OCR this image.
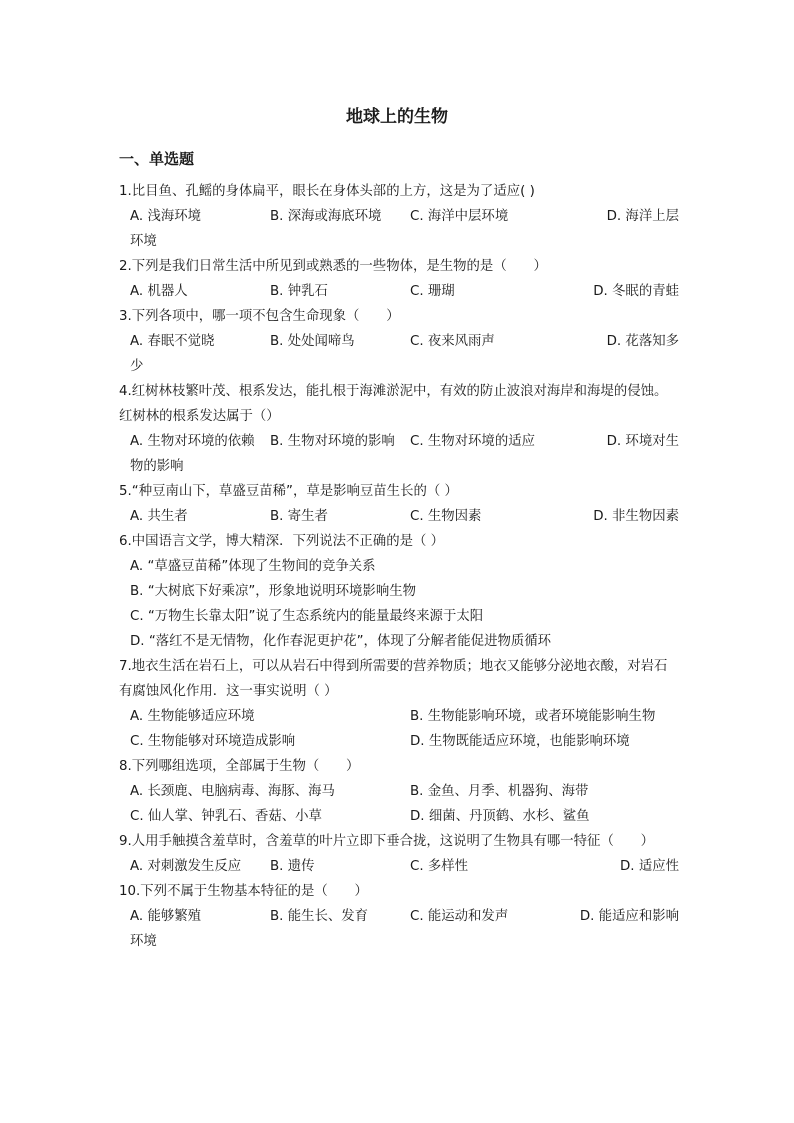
地球上的生物
一、单选题
1.比目鱼、孔鳐的身体扁平，眼长在身体头部的上方，这是为了适应( )
A. 浅海环境	B. 深海或海底环境	C. 海洋中层环境	D. 海洋上层
环境
2.下列是我们日常生活中所见到或熟悉的一些物体，是生物的是（　　）
A. 机器人	B. 钟乳石	C. 珊瑚	D. 冬眠的青蛙
3.下列各项中，哪一项不包含生命现象（　　）
A. 春眠不觉晓	B. 处处闻啼鸟	C. 夜来风雨声	D. 花落知多
少
4.红树林枝繁叶茂、根系发达，能扎根于海滩淤泥中，有效的防止波浪对海岸和海堤的侵蚀。红树林的根系发达属于（）
A. 生物对环境的依赖	B. 生物对环境的影响	C. 生物对环境的适应	D. 环境对生
物的影响
5.“种豆南山下，草盛豆苗稀”，草是影响豆苗生长的（ ）
A. 共生者	B. 寄生者	C. 生物因素	D. 非生物因素
6.中国语言文学，博大精深．下列说法不正确的是（ ）
A. “草盛豆苗稀”体现了生物间的竞争关系
B. “大树底下好乘凉”，形象地说明环境影响生物
C. “万物生长靠太阳”说了生态系统内的能量最终来源于太阳
D. “落红不是无情物，化作春泥更护花”，体现了分解者能促进物质循环
7.地衣生活在岩石上，可以从岩石中得到所需要的营养物质；地衣又能够分泌地衣酸，对岩石有腐蚀风化作用．这一事实说明（ ）
A. 生物能够适应环境	B. 生物能影响环境，或者环境能影响生物
C. 生物能够对环境造成影响	D. 生物既能适应环境，也能影响环境
8.下列哪组选项，全部属于生物（　　）
A. 长颈鹿、电脑病毒、海豚、海马	B. 金鱼、月季、机器狗、海带
C. 仙人掌、钟乳石、香菇、小草	D. 细菌、丹顶鹤、水杉、鲨鱼
9.人用手触摸含羞草时，含羞草的叶片立即下垂合拢，这说明了生物具有哪一特征（　　）
A. 对刺激发生反应	B. 遗传	C. 多样性	D. 适应性
10.下列不属于生物基本特征的是（　　）
A. 能够繁殖	B. 能生长、发育	C. 能运动和发声	D. 能适应和影响
环境
